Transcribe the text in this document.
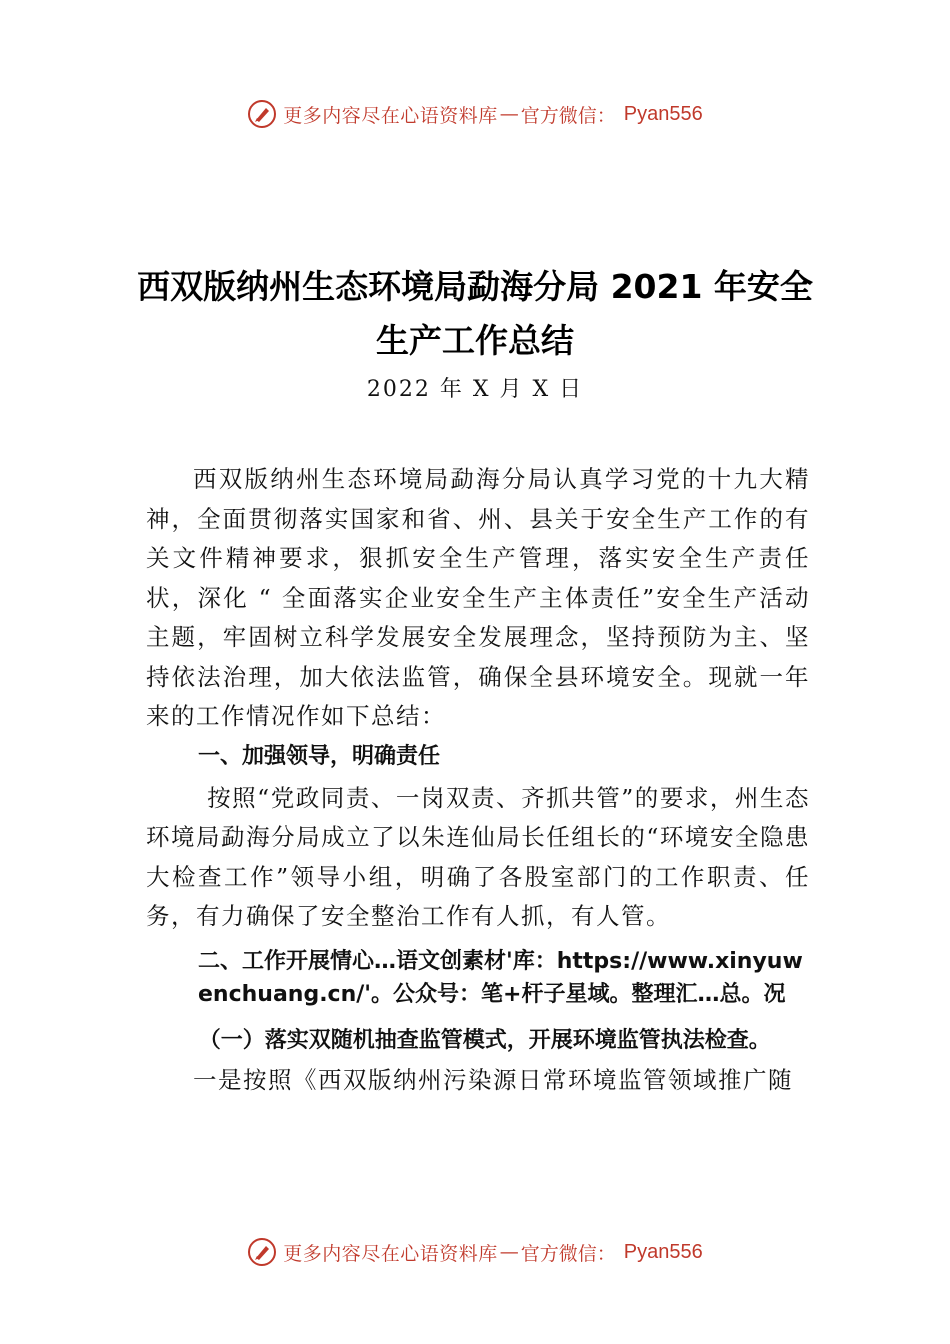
更多内容尽在心语资料库 — 官方微信： Pyan556
西双版纳州生态环境局勐海分局 2021 年安全生产工作总结
2022 年 X 月 X 日

西双版纳州生态环境局勐海分局认真学习党的十九大精神，全面贯彻落实国家和省、州、县关于安全生产工作的有关文件精神要求，狠抓安全生产管理，落实安全生产责任状，深化 “ 全面落实企业安全生产主体责任”安全生产活动主题，牢固树立科学发展安全发展理念，坚持预防为主、坚持依法治理，加大依法监管，确保全县环境安全。现就一年来的工作情况作如下总结：

一、加强领导，明确责任

按照“党政同责、一岗双责、齐抓共管”的要求，州生态环境局勐海分局成立了以朱连仙局长任组长的“环境安全隐患大检查工作”领导小组，明确了各股室部门的工作职责、任务，有力确保了安全整治工作有人抓，有人管。

二、工作开展情心…语文创素材'库：https://www.xinyuwenchuang.cn/'。公众号：笔+杆子星域。整理汇…总。况

（一）落实双随机抽查监管模式，开展环境监管执法检查。

一是按照《西双版纳州污染源日常环境监管领域推广随

更多内容尽在心语资料库 — 官方微信： Pyan556
